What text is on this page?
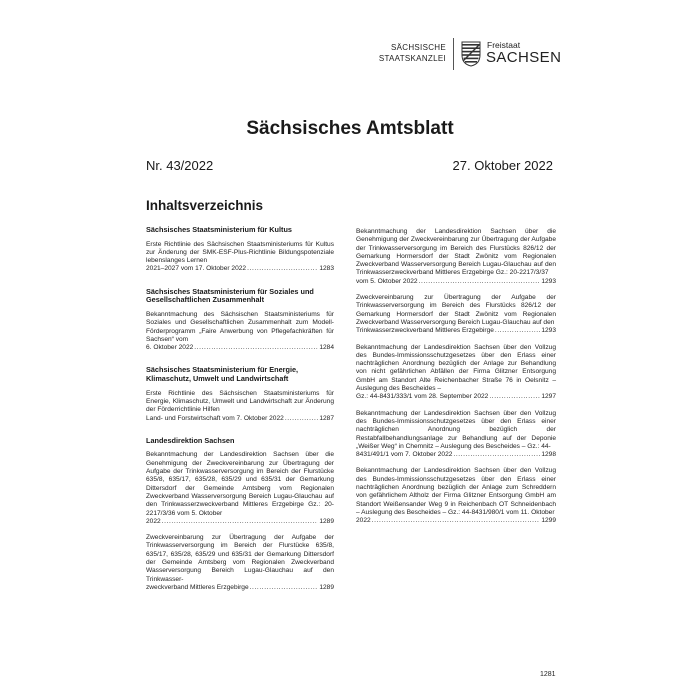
SÄCHSISCHE
STAATSKANZLEI
Freistaat
SACHSEN
Sächsisches Amtsblatt
Nr. 43/2022	27. Oktober 2022
Inhaltsverzeichnis
Sächsisches Staatsministerium für Kultus

Erste Richtlinie des Sächsischen Staatsministeriums für Kultus zur Änderung der SMK-ESF-Plus-Richtlinie Bildungspotenziale lebenslanges Lernen

2021–2027 vom 17. Oktober 2022 .....	1283
Sächsisches Staatsministerium für Soziales und Gesellschaftlichen Zusammenhalt

Bekanntmachung des Sächsischen Staatsministeriums für Soziales und Gesellschaftlichen Zusammenhalt zum Modell-Förderprogramm „Faire Anwerbung von Pflegefachkräften für Sachsen“ vom

6. Oktober 2022 .....	1284
Sächsisches Staatsministerium für Energie, Klimaschutz, Umwelt und Landwirtschaft

Erste Richtlinie des Sächsischen Staatsministeriums für Energie, Klimaschutz, Umwelt und Landwirtschaft zur Änderung der Förderrichtlinie Hilfen

Land- und Forstwirtschaft vom 7. Oktober 2022 .....	1287
Landesdirektion Sachsen

Bekanntmachung der Landesdirektion Sachsen über die Genehmigung der Zweckvereinbarung zur Übertragung der Aufgabe der Trinkwasserversorgung im Bereich der Flurstücke 635/8, 635/17, 635/28, 635/29 und 635/31 der Gemarkung Dittersdorf der Gemeinde Amtsberg vom Regionalen Zweckverband Wasserversorgung Bereich Lugau-Glauchau auf den Trinkwasserzweckverband Mittleres Erzgebirge Gz.: 20-2217/3/36 vom 5. Oktober

2022 .....	1289

Zweckvereinbarung zur Übertragung der Aufgabe der Trinkwasserversorgung im Bereich der Flurstücke 635/8, 635/17, 635/28, 635/29 und 635/31 der Gemarkung Dittersdorf der Gemeinde Amtsberg vom Regionalen Zweckverband Wasserversorgung Bereich Lugau-Glauchau auf den Trinkwasser-

zweckverband Mittleres Erzgebirge .....	1289

Bekanntmachung der Landesdirektion Sachsen über die Genehmigung der Zweckvereinbarung zur Übertragung der Aufgabe der Trinkwasserversorgung im Bereich des Flurstücks 826/12 der Gemarkung Hormersdorf der Stadt Zwönitz vom Regionalen Zweckverband Wasserversorgung Bereich Lugau-Glauchau auf den Trinkwasserzweckverband Mittleres Erzgebirge Gz.: 20-2217/3/37

vom 5. Oktober 2022 .....	1293

Zweckvereinbarung zur Übertragung der Aufgabe der Trinkwasserversorgung im Bereich des Flurstücks 826/12 der Gemarkung Hormersdorf der Stadt Zwönitz vom Regionalen Zweckverband Wasserversorgung Bereich Lugau-Glauchau auf den

Trinkwasserzweckverband Mittleres Erzgebirge .....	1293

Bekanntmachung der Landesdirektion Sachsen über den Vollzug des Bundes-Immissionsschutzgesetzes über den Erlass einer nachträglichen Anordnung bezüglich der Anlage zur Behandlung von nicht gefährlichen Abfällen der Firma Glitzner Entsorgung GmbH am Standort Alte Reichenbacher Straße 76 in Oelsnitz – Auslegung des Bescheides –

Gz.: 44-8431/333/1 vom 28. September 2022 .....	1297

Bekanntmachung der Landesdirektion Sachsen über den Vollzug des Bundes-Immissionsschutzgesetzes über den Erlass einer nachträglichen Anordnung bezüglich der Restabfallbehandlungsanlage zur Behandlung auf der Deponie „Weißer Weg“ in Chemnitz – Auslegung des Bescheides – Gz.: 44-

8431/491/1 vom 7. Oktober 2022 .....	1298

Bekanntmachung der Landesdirektion Sachsen über den Vollzug des Bundes-Immissionsschutzgesetzes über den Erlass einer nachträglichen Anordnung bezüglich der Anlage zum Schreddern von gefährlichem Altholz der Firma Glitzner Entsorgung GmbH am Standort Weißensander Weg 9 in Reichenbach OT Schneidenbach – Auslegung des Bescheides – Gz.: 44-8431/980/1 vom 11. Oktober

2022 .....	1299
1281
